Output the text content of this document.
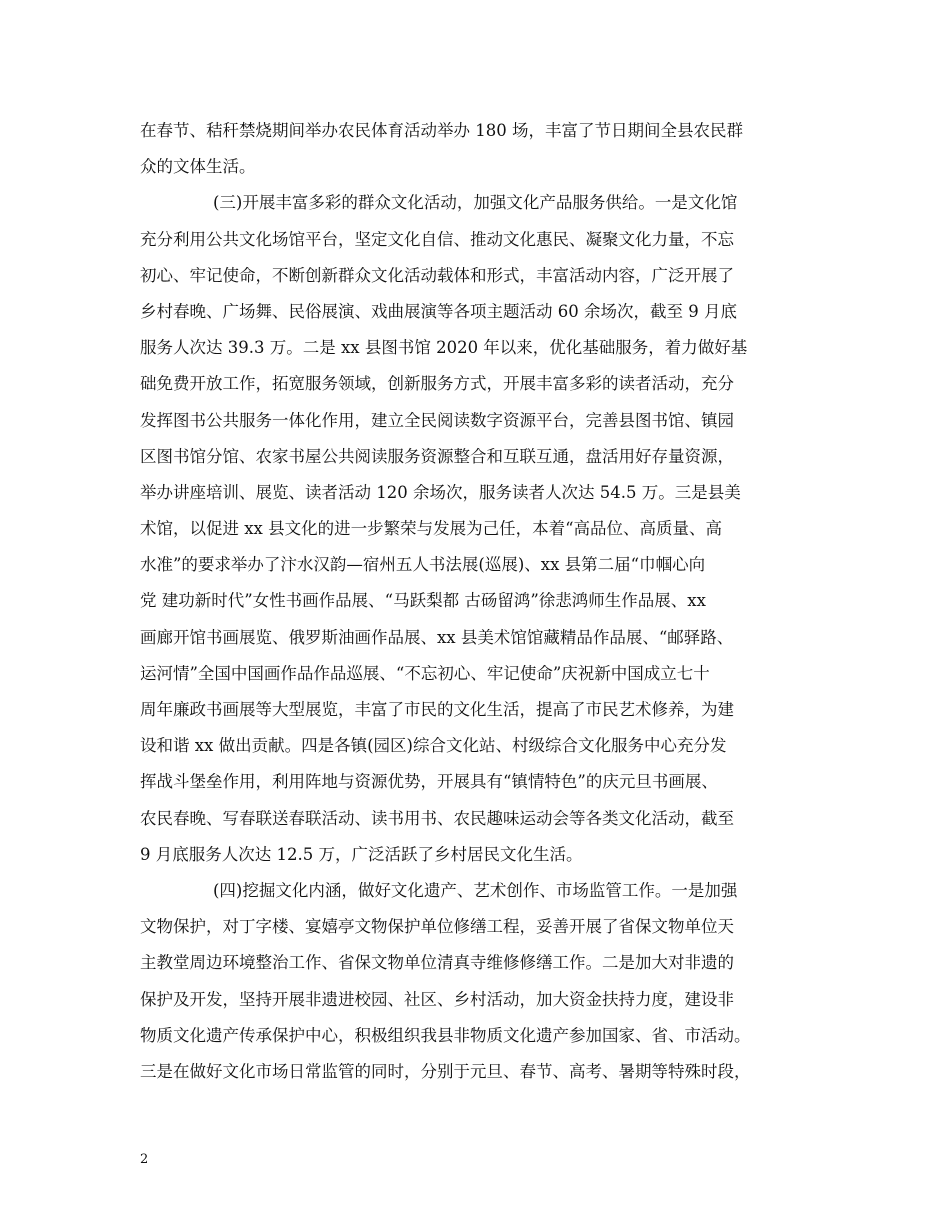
在春节、秸秆禁烧期间举办农民体育活动举办 180 场，丰富了节日期间全县农民群
众的文体生活。
(三)开展丰富多彩的群众文化活动，加强文化产品服务供给。一是文化馆
充分利用公共文化场馆平台，坚定文化自信、推动文化惠民、凝聚文化力量，不忘
初心、牢记使命，不断创新群众文化活动载体和形式，丰富活动内容，广泛开展了
乡村春晚、广场舞、民俗展演、戏曲展演等各项主题活动 60 余场次，截至 9 月底
服务人次达 39.3 万。二是 xx 县图书馆 2020 年以来，优化基础服务，着力做好基
础免费开放工作，拓宽服务领域，创新服务方式，开展丰富多彩的读者活动，充分
发挥图书公共服务一体化作用，建立全民阅读数字资源平台，完善县图书馆、镇园
区图书馆分馆、农家书屋公共阅读服务资源整合和互联互通，盘活用好存量资源，
举办讲座培训、展览、读者活动 120 余场次，服务读者人次达 54.5 万。三是县美
术馆，以促进 xx 县文化的进一步繁荣与发展为己任，本着“高品位、高质量、高
水准”的要求举办了汴水汉韵—宿州五人书法展(巡展)、xx 县第二届“巾帼心向
党 建功新时代”女性书画作品展、“马跃梨都 古砀留鸿”徐悲鸿师生作品展、xx
画廊开馆书画展览、俄罗斯油画作品展、xx 县美术馆馆藏精品作品展、“邮驿路、
运河情”全国中国画作品作品巡展、“不忘初心、牢记使命”庆祝新中国成立七十
周年廉政书画展等大型展览，丰富了市民的文化生活，提高了市民艺术修养，为建
设和谐 xx 做出贡献。四是各镇(园区)综合文化站、村级综合文化服务中心充分发
挥战斗堡垒作用，利用阵地与资源优势，开展具有“镇情特色”的庆元旦书画展、
农民春晚、写春联送春联活动、读书用书、农民趣味运动会等各类文化活动，截至
9 月底服务人次达 12.5 万，广泛活跃了乡村居民文化生活。
(四)挖掘文化内涵，做好文化遗产、艺术创作、市场监管工作。一是加强
文物保护，对丁字楼、宴嬉亭文物保护单位修缮工程，妥善开展了省保文物单位天
主教堂周边环境整治工作、省保文物单位清真寺维修修缮工作。二是加大对非遗的
保护及开发，坚持开展非遗进校园、社区、乡村活动，加大资金扶持力度，建设非
物质文化遗产传承保护中心，积极组织我县非物质文化遗产参加国家、省、市活动。
三是在做好文化市场日常监管的同时，分别于元旦、春节、高考、暑期等特殊时段，
2
